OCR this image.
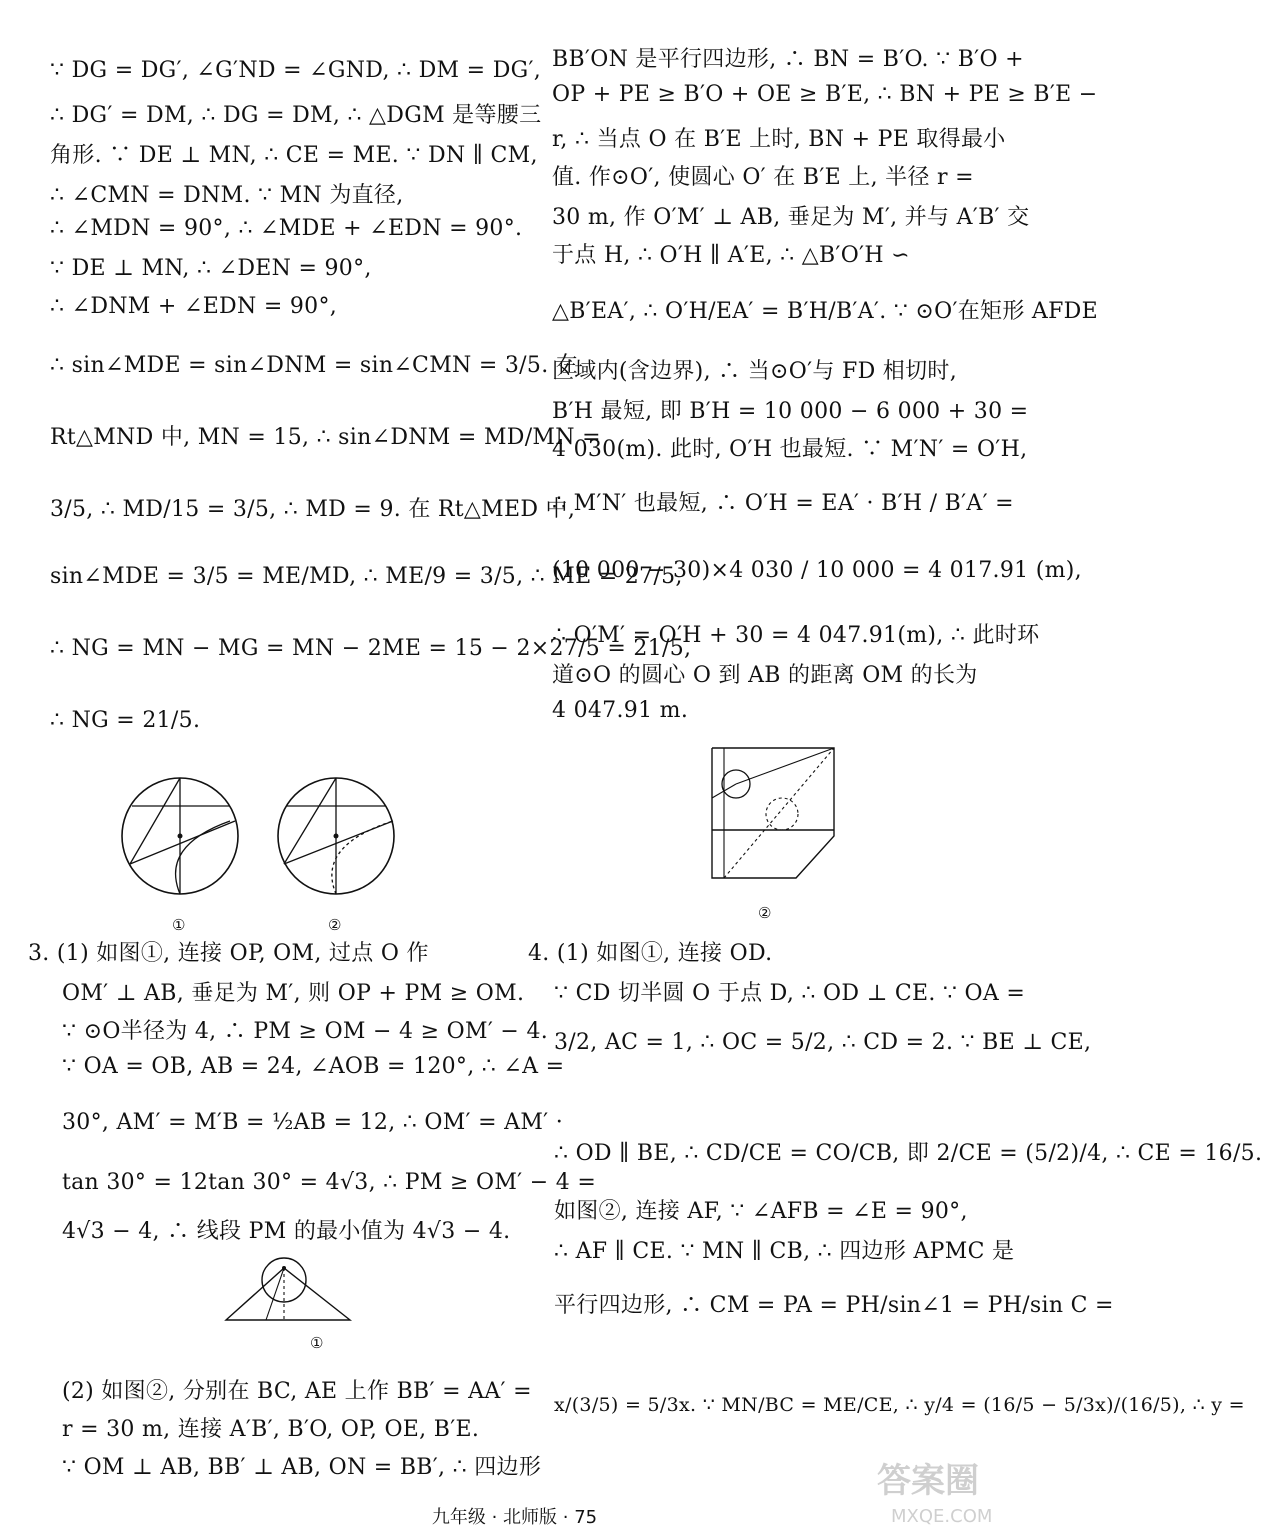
∵ DG = DG′, ∠G′ND = ∠GND, ∴ DM = DG′,
∴ DG′ = DM, ∴ DG = DM, ∴ △DGM 是等腰三
角形. ∵ DE ⊥ MN, ∴ CE = ME. ∵ DN ∥ CM,
∴ ∠CMN = DNM. ∵ MN 为直径,
∴ ∠MDN = 90°, ∴ ∠MDE + ∠EDN = 90°.
∵ DE ⊥ MN, ∴ ∠DEN = 90°,
∴ ∠DNM + ∠EDN = 90°,
∴ sin∠MDE = sin∠DNM = sin∠CMN = 3/5. 在
Rt△MND 中, MN = 15, ∴ sin∠DNM = MD/MN =
3/5, ∴ MD/15 = 3/5, ∴ MD = 9. 在 Rt△MED 中,
sin∠MDE = 3/5 = ME/MD, ∴ ME/9 = 3/5, ∴ ME = 27/5,
∴ NG = MN − MG = MN − 2ME = 15 − 2×27/5 = 21/5,
∴ NG = 21/5.
①	②
3. (1) 如图①, 连接 OP, OM, 过点 O 作
OM′ ⊥ AB, 垂足为 M′, 则 OP + PM ≥ OM.
∵ ⊙O半径为 4, ∴ PM ≥ OM − 4 ≥ OM′ − 4.
∵ OA = OB, AB = 24, ∠AOB = 120°, ∴ ∠A =
30°, AM′ = M′B = ½AB = 12, ∴ OM′ = AM′ ·
tan 30° = 12tan 30° = 4√3, ∴ PM ≥ OM′ − 4 =
4√3 − 4, ∴ 线段 PM 的最小值为 4√3 − 4.
①
(2) 如图②, 分别在 BC, AE 上作 BB′ = AA′ =
r = 30 m, 连接 A′B′, B′O, OP, OE, B′E.
∵ OM ⊥ AB, BB′ ⊥ AB, ON = BB′, ∴ 四边形
BB′ON 是平行四边形, ∴ BN = B′O. ∵ B′O +
OP + PE ≥ B′O + OE ≥ B′E, ∴ BN + PE ≥ B′E −
r, ∴ 当点 O 在 B′E 上时, BN + PE 取得最小
值. 作⊙O′, 使圆心 O′ 在 B′E 上, 半径 r =
30 m, 作 O′M′ ⊥ AB, 垂足为 M′, 并与 A′B′ 交
于点 H, ∴ O′H ∥ A′E, ∴ △B′O′H ∽
△B′EA′, ∴ O′H/EA′ = B′H/B′A′. ∵ ⊙O′在矩形 AFDE
区域内(含边界), ∴ 当⊙O′与 FD 相切时,
B′H 最短, 即 B′H = 10 000 − 6 000 + 30 =
4 030(m). 此时, O′H 也最短. ∵ M′N′ = O′H,
∴ M′N′ 也最短, ∴ O′H = EA′ · B′H / B′A′ =
(10 000 − 30)×4 030 / 10 000 = 4 017.91 (m),
∴ O′M′ = O′H + 30 = 4 047.91(m), ∴ 此时环
道⊙O 的圆心 O 到 AB 的距离 OM 的长为
4 047.91 m.
②
4. (1) 如图①, 连接 OD.
∵ CD 切半圆 O 于点 D, ∴ OD ⊥ CE. ∵ OA =
3/2, AC = 1, ∴ OC = 5/2, ∴ CD = 2. ∵ BE ⊥ CE,
∴ OD ∥ BE, ∴ CD/CE = CO/CB, 即 2/CE = (5/2)/4, ∴ CE = 16/5.
如图②, 连接 AF, ∵ ∠AFB = ∠E = 90°,
∴ AF ∥ CE. ∵ MN ∥ CB, ∴ 四边形 APMC 是
平行四边形, ∴ CM = PA = PH/sin∠1 = PH/sin C =
x/(3/5) = 5/3x. ∵ MN/BC = ME/CE, ∴ y/4 = (16/5 − 5/3x)/(16/5), ∴ y =
九年级 · 北师版 · 75
答案圈
MXQE.COM
